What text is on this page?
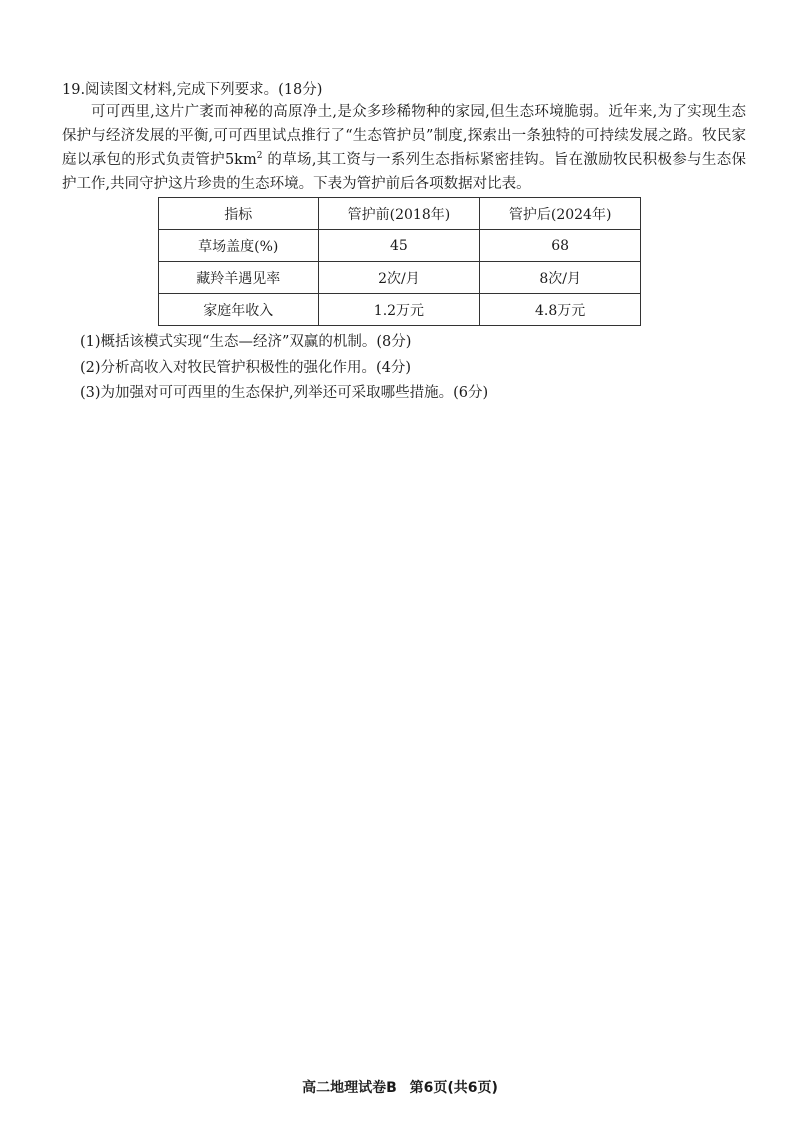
19.阅读图文材料,完成下列要求。(18分)

可可西里,这片广袤而神秘的高原净土,是众多珍稀物种的家园,但生态环境脆弱。近年来,为了实现生态保护与经济发展的平衡,可可西里试点推行了“生态管护员”制度,探索出一条独特的可持续发展之路。牧民家庭以承包的形式负责管护$5km^2$ 的草场,其工资与一系列生态指标紧密挂钩。旨在激励牧民积极参与生态保护工作,共同守护这片珍贵的生态环境。下表为管护前后各项数据对比表。

指标	管护前(2018年)	管护后(2024年)
草场盖度(%)	45	68
藏羚羊遇见率	2次/月	8次/月
家庭年收入	1.2万元	4.8万元
(1)概括该模式实现“生态—经济”双赢的机制。(8分)
(2)分析高收入对牧民管护积极性的强化作用。(4分)
(3)为加强对可可西里的生态保护,列举还可采取哪些措施。(6分)
高二地理试卷B 第6页(共6页)
